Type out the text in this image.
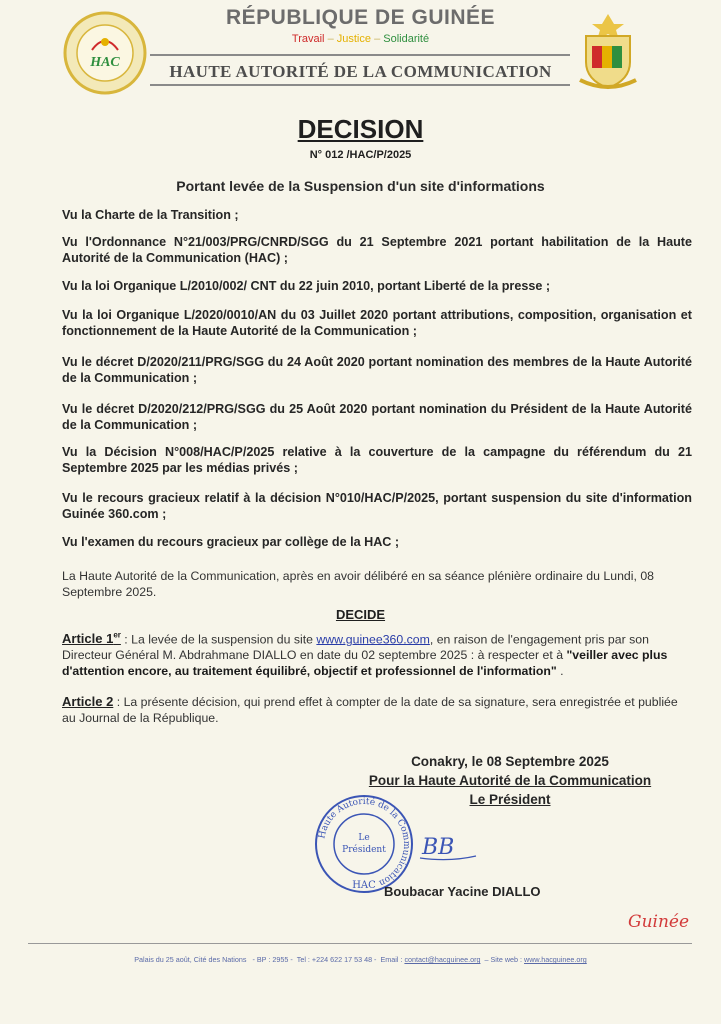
HAC
RÉPUBLIQUE DE GUINÉE
Travail – Justice – Solidarité
HAUTE AUTORITÉ DE LA COMMUNICATION
DECISION
N° 012 /HAC/P/2025
Portant levée de la Suspension d'un site d'informations
Vu la Charte de la Transition ;
Vu l'Ordonnance N°21/003/PRG/CNRD/SGG du 21 Septembre 2021 portant habilitation de la Haute Autorité de la Communication (HAC) ;
Vu la loi Organique L/2010/002/ CNT du 22 juin 2010, portant Liberté de la presse ;
Vu la loi Organique L/2020/0010/AN du 03 Juillet 2020 portant attributions, composition, organisation et fonctionnement de la Haute Autorité de la Communication ;
Vu le décret D/2020/211/PRG/SGG du 24 Août 2020 portant nomination des membres de la Haute Autorité de la Communication ;
Vu le décret D/2020/212/PRG/SGG du 25 Août 2020 portant nomination du Président de la Haute Autorité de la Communication ;
Vu la Décision N°008/HAC/P/2025 relative à la couverture de la campagne du référendum du 21 Septembre 2025 par les médias privés ;
Vu le recours gracieux relatif à la décision N°010/HAC/P/2025, portant suspension du site d'information Guinée 360.com ;
Vu l'examen du recours gracieux par collège de la HAC ;
La Haute Autorité de la Communication, après en avoir délibéré en sa séance plénière ordinaire du Lundi, 08 Septembre 2025.
DECIDE
Article 1er : La levée de la suspension du site www.guinee360.com, en raison de l'engagement pris par son Directeur Général M. Abdrahmane DIALLO en date du 02 septembre 2025 : à respecter et à "veiller avec plus d'attention encore, au traitement équilibré, objectif et professionnel de l'information" .
Article 2 : La présente décision, qui prend effet à compter de la date de sa signature, sera enregistrée et publiée au Journal de la République.
Conakry, le 08 Septembre 2025
Pour la Haute Autorité de la Communication
Le Président
Haute Autorité de la Communication
Le
Président
HAC
BB
Boubacar Yacine DIALLO
Guinée
Palais du 25 août, Cité des Nations - BP : 2955 - Tel : +224 622 17 53 48 - Email : contact@hacguinee.org – Site web : www.hacguinee.org
